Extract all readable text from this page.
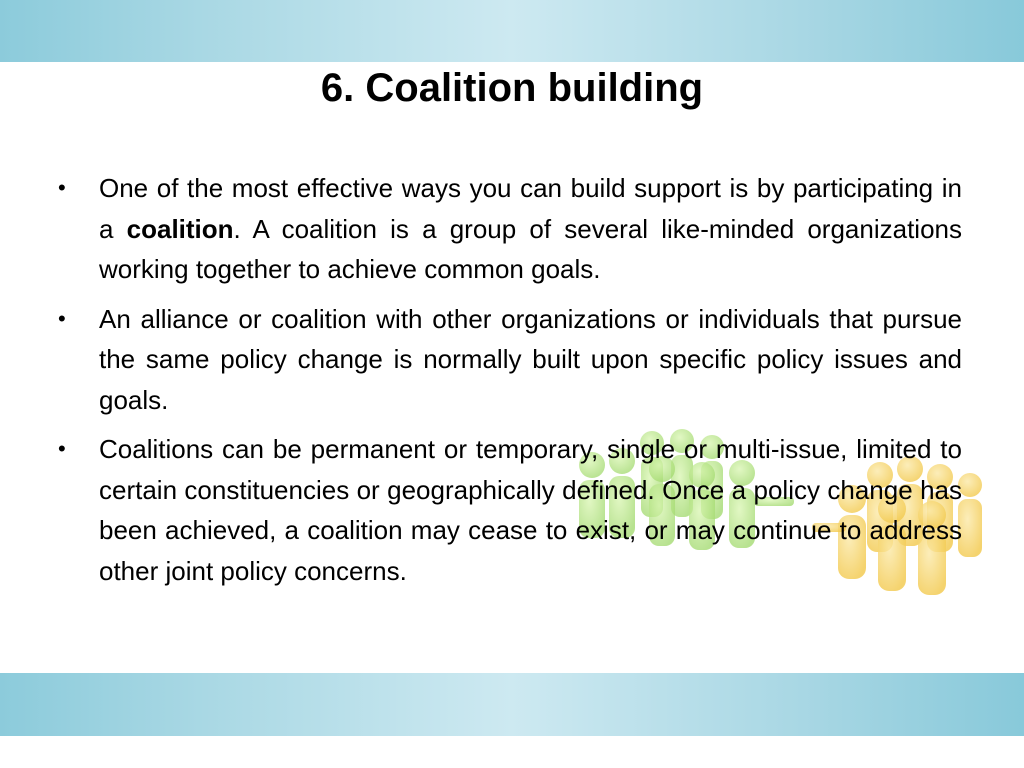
6. Coalition building
•	One of the most effective ways you can build support is by participating in a coalition. A coalition is a group of several like-minded organizations working together to achieve common goals.
•	An alliance or coalition with other organizations or individuals that pursue the same policy change is normally built upon specific policy issues and goals.
•	Coalitions can be permanent or temporary, single or multi-issue, limited to certain constituencies or geographically defined. Once a policy change has been achieved, a coalition may cease to exist, or may continue to address other joint policy concerns.
